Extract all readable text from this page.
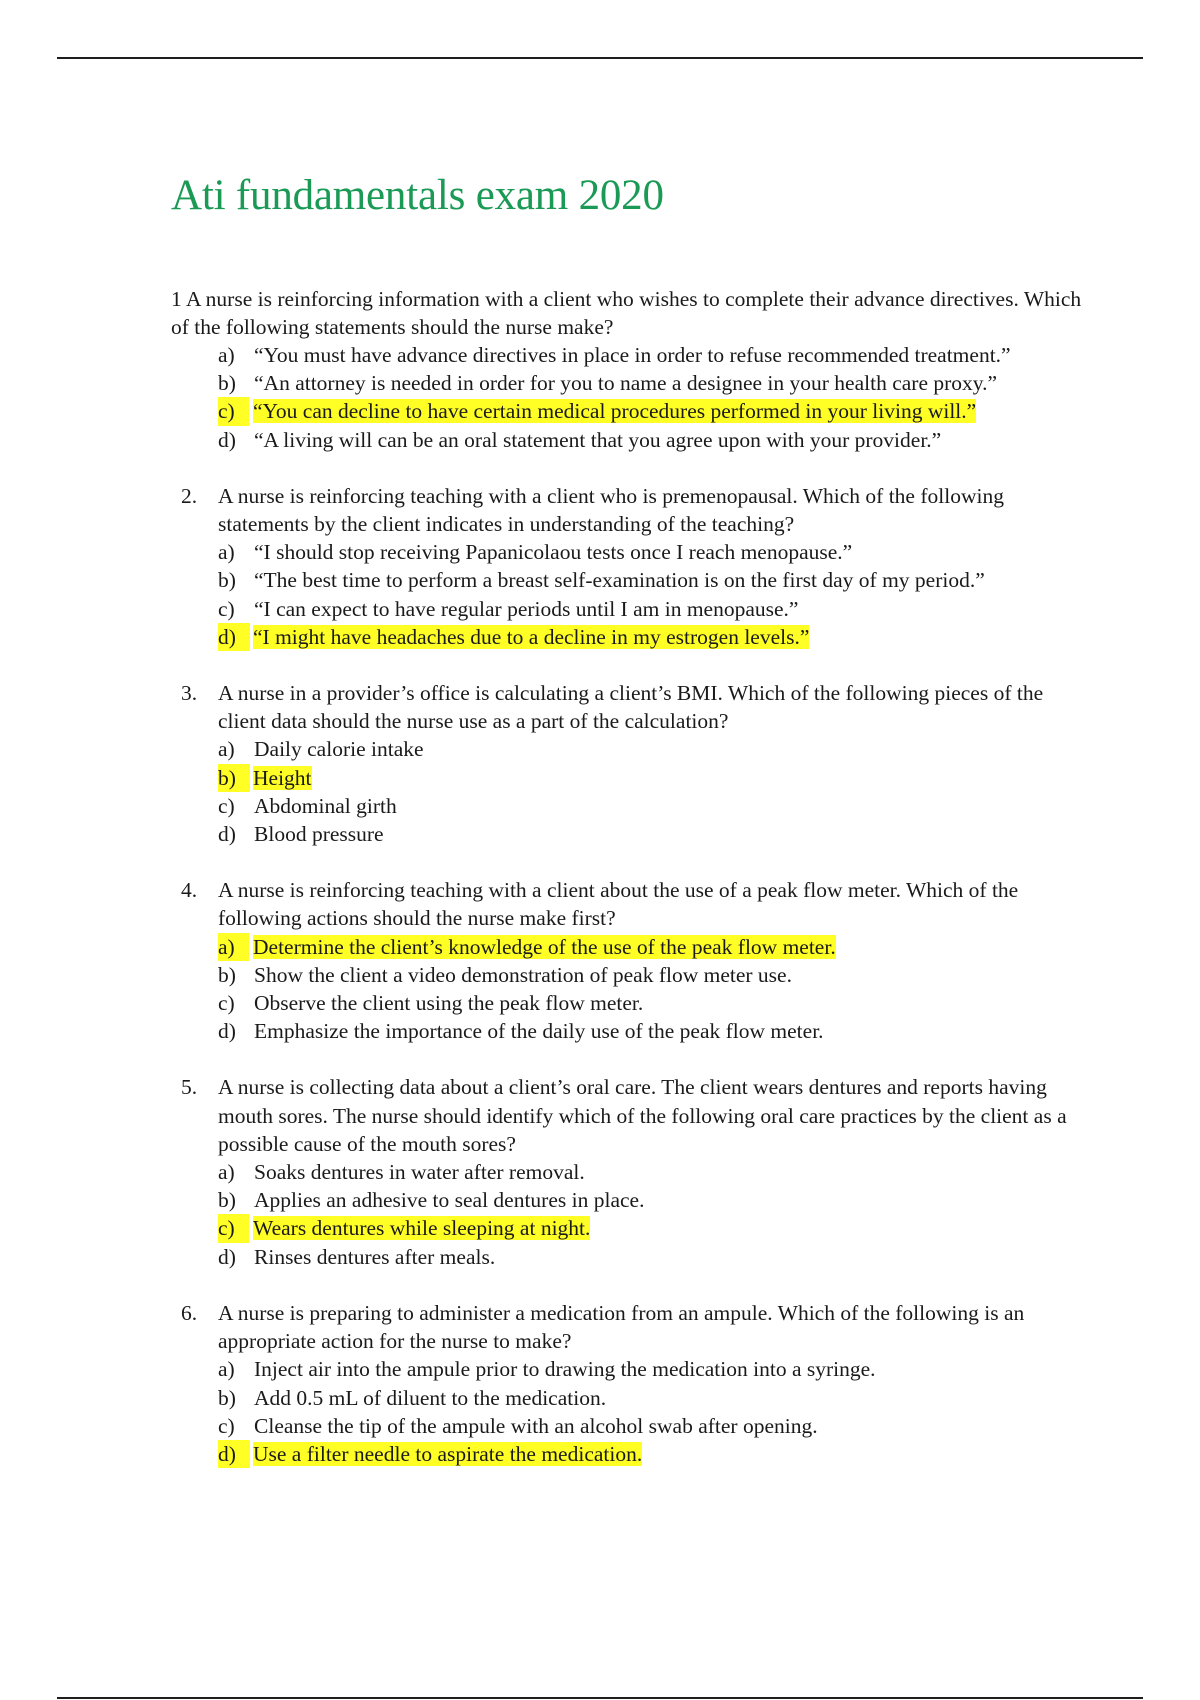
Ati fundamentals exam 2020
1 A nurse is reinforcing information with a client who wishes to complete their advance directives. Which of the following statements should the nurse make?
a) “You must have advance directives in place in order to refuse recommended treatment.”
b) “An attorney is needed in order for you to name a designee in your health care proxy.”
c) “You can decline to have certain medical procedures performed in your living will.”
d) “A living will can be an oral statement that you agree upon with your provider.”
2. A nurse is reinforcing teaching with a client who is premenopausal. Which of the following statements by the client indicates in understanding of the teaching?
a) “I should stop receiving Papanicolaou tests once I reach menopause.”
b) “The best time to perform a breast self-examination is on the first day of my period.”
c) “I can expect to have regular periods until I am in menopause.”
d) “I might have headaches due to a decline in my estrogen levels.”
3. A nurse in a provider’s office is calculating a client’s BMI. Which of the following pieces of the client data should the nurse use as a part of the calculation?
a) Daily calorie intake
b) Height
c) Abdominal girth
d) Blood pressure
4. A nurse is reinforcing teaching with a client about the use of a peak flow meter. Which of the following actions should the nurse make first?
a) Determine the client’s knowledge of the use of the peak flow meter.
b) Show the client a video demonstration of peak flow meter use.
c) Observe the client using the peak flow meter.
d) Emphasize the importance of the daily use of the peak flow meter.
5. A nurse is collecting data about a client’s oral care. The client wears dentures and reports having mouth sores. The nurse should identify which of the following oral care practices by the client as a possible cause of the mouth sores?
a) Soaks dentures in water after removal.
b) Applies an adhesive to seal dentures in place.
c) Wears dentures while sleeping at night.
d) Rinses dentures after meals.
6. A nurse is preparing to administer a medication from an ampule. Which of the following is an appropriate action for the nurse to make?
a) Inject air into the ampule prior to drawing the medication into a syringe.
b) Add 0.5 mL of diluent to the medication.
c) Cleanse the tip of the ampule with an alcohol swab after opening.
d) Use a filter needle to aspirate the medication.
